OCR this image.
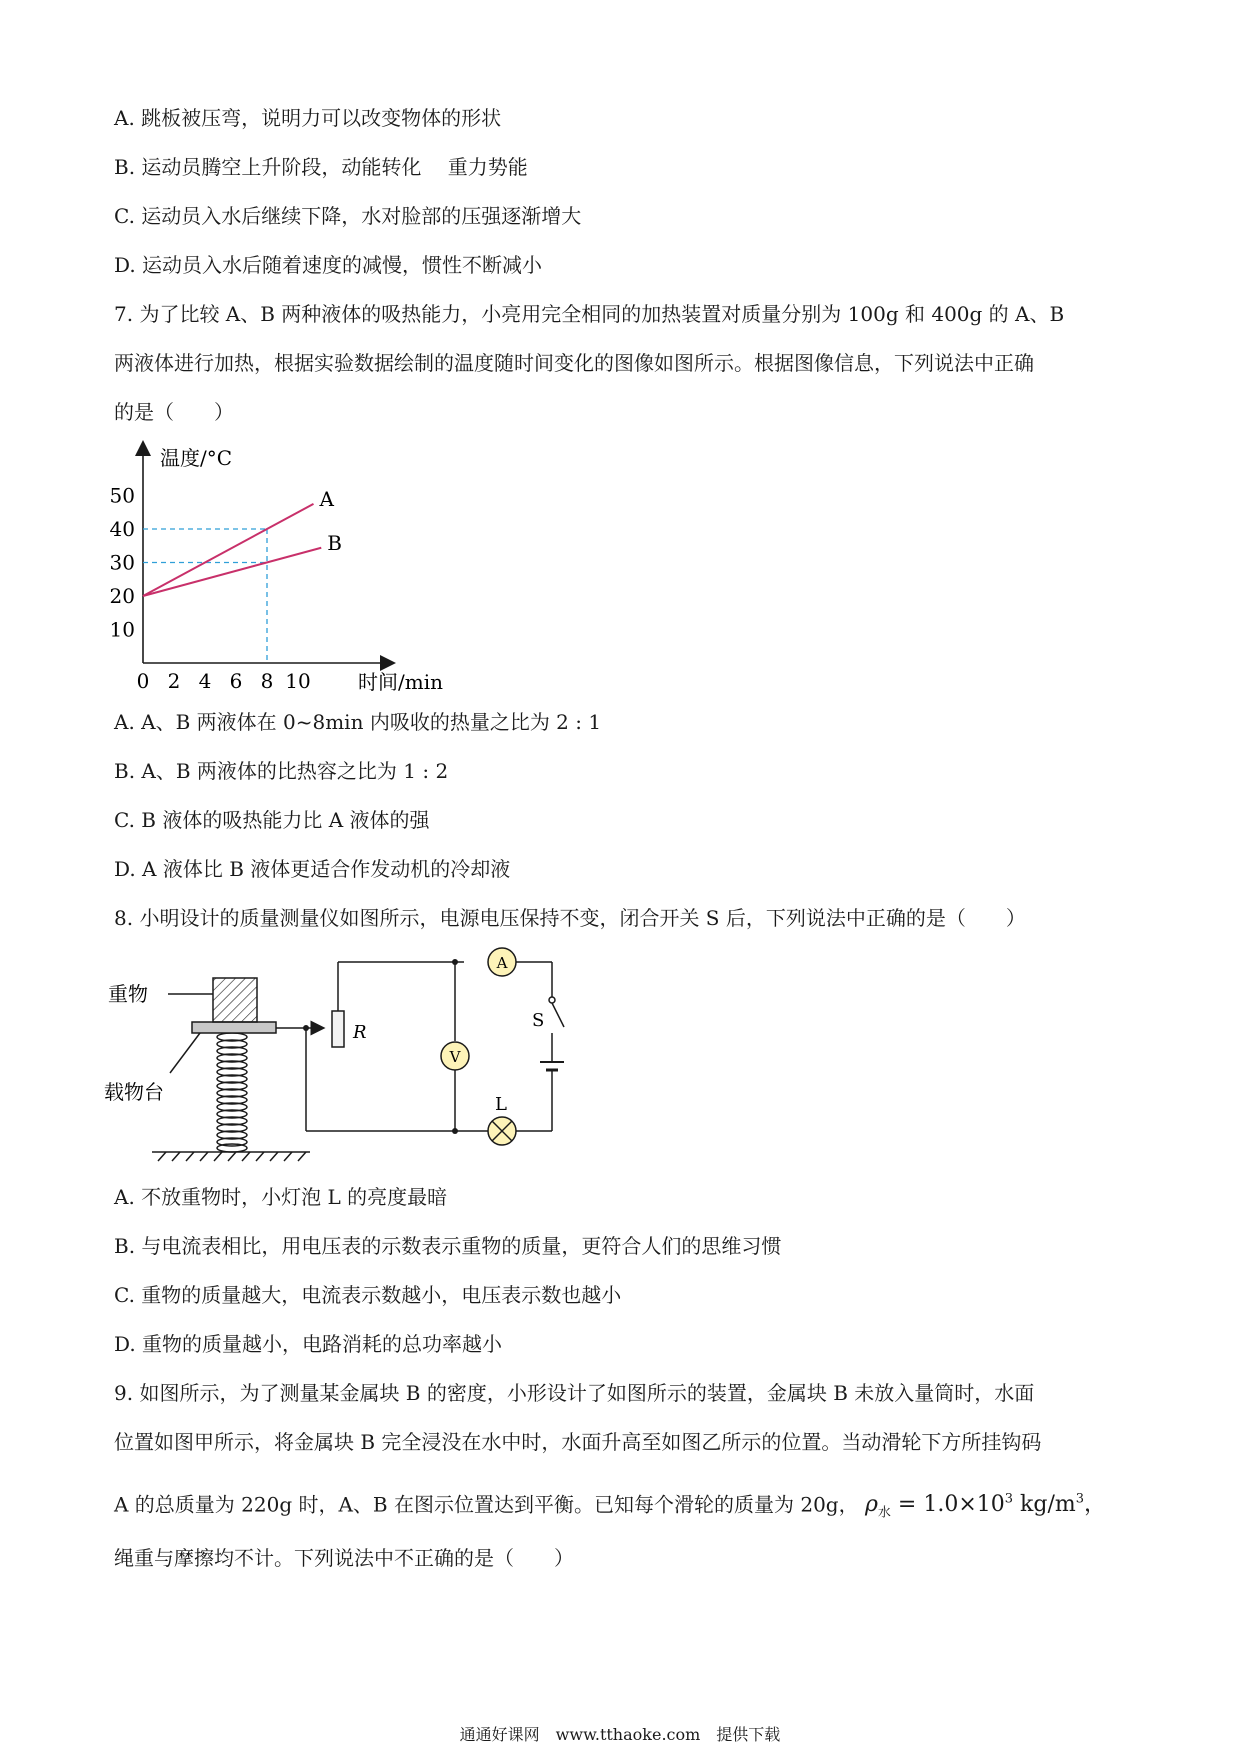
A. 跳板被压弯，说明力可以改变物体的形状
B. 运动员腾空上升阶段，动能转化　 重力势能
C. 运动员入水后继续下降，水对脸部的压强逐渐增大
D. 运动员入水后随着速度的减慢，惯性不断减小
7. 为了比较 A、B 两种液体的吸热能力，小亮用完全相同的加热装置对质量分别为 100g 和 400g 的 A、B
两液体进行加热，根据实验数据绘制的温度随时间变化的图像如图所示。根据图像信息，下列说法中正确
的是（　　）
温度/°C
时间/min
0 2 4 6 8 10
10
20
30
40
50	A
B
A. A、B 两液体在 0~8min 内吸收的热量之比为 2 : 1
B. A、B 两液体的比热容之比为 1 : 2
C. B 液体的吸热能力比 A 液体的强
D. A 液体比 B 液体更适合作发动机的冷却液
8. 小明设计的质量测量仪如图所示，电源电压保持不变，闭合开关 S 后，下列说法中正确的是（　　）
重物
载物台
R
V
A
S
L
A. 不放重物时，小灯泡 L 的亮度最暗
B. 与电流表相比，用电压表的示数表示重物的质量，更符合人们的思维习惯
C. 重物的质量越大，电流表示数越小，电压表示数也越小
D. 重物的质量越小，电路消耗的总功率越小
9. 如图所示，为了测量某金属块 B 的密度，小形设计了如图所示的装置，金属块 B 未放入量筒时，水面
位置如图甲所示，将金属块 B 完全浸没在水中时，水面升高至如图乙所示的位置。当动滑轮下方所挂钩码
A 的总质量为 220g 时，A、B 在图示位置达到平衡。已知每个滑轮的质量为 20g， $\rho_水 = 1.0\times 10^3$ $kg/m^3$，
绳重与摩擦均不计。下列说法中不正确的是（　　）
通通好课网　www.tthaoke.com　提供下载
